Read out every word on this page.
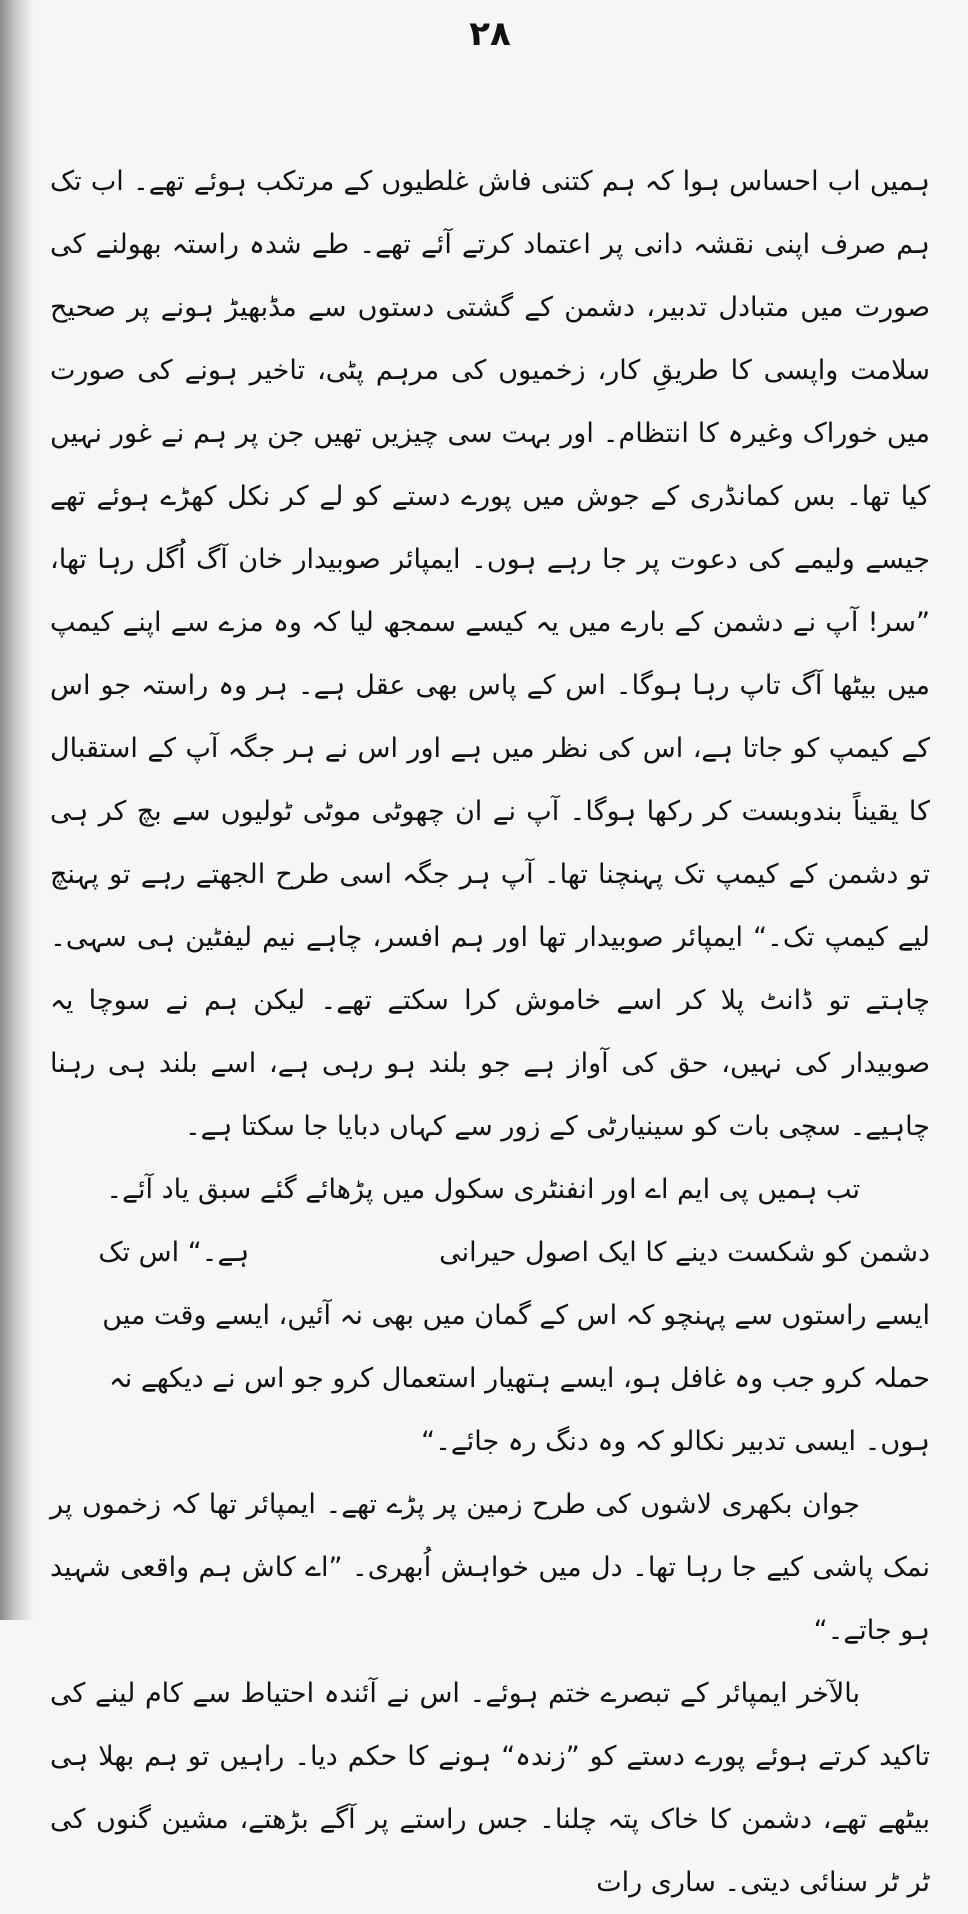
۲۸

ہمیں اب احساس ہوا کہ ہم کتنی فاش غلطیوں کے مرتکب ہوئے تھے۔ اب تک ہم صرف اپنی نقشہ دانی پر اعتماد کرتے آئے تھے۔ طے شدہ راستہ بھولنے کی صورت میں متبادل تدبیر، دشمن کے گشتی دستوں سے مڈبھیڑ ہونے پر صحیح سلامت واپسی کا طریقِ کار، زخمیوں کی مرہم پٹی، تاخیر ہونے کی صورت میں خوراک وغیرہ کا انتظام۔ اور بہت سی چیزیں تھیں جن پر ہم نے غور نہیں کیا تھا۔ بس کمانڈری کے جوش میں پورے دستے کو لے کر نکل کھڑے ہوئے تھے جیسے ولیمے کی دعوت پر جا رہے ہوں۔ ایمپائر صوبیدار خان آگ اُگل رہا تھا، ”سر! آپ نے دشمن کے بارے میں یہ کیسے سمجھ لیا کہ وہ مزے سے اپنے کیمپ میں بیٹھا آگ تاپ رہا ہوگا۔ اس کے پاس بھی عقل ہے۔ ہر وہ راستہ جو اس کے کیمپ کو جاتا ہے، اس کی نظر میں ہے اور اس نے ہر جگہ آپ کے استقبال کا یقیناً بندوبست کر رکھا ہوگا۔ آپ نے ان چھوٹی موٹی ٹولیوں سے بچ کر ہی تو دشمن کے کیمپ تک پہنچنا تھا۔ آپ ہر جگہ اسی طرح الجھتے رہے تو پہنچ لیے کیمپ تک۔“ ایمپائر صوبیدار تھا اور ہم افسر، چاہے نیم لیفٹین ہی سہی۔ چاہتے تو ڈانٹ پلا کر اسے خاموش کرا سکتے تھے۔ لیکن ہم نے سوچا یہ صوبیدار کی نہیں، حق کی آواز ہے جو بلند ہو رہی ہے، اسے بلند ہی رہنا چاہیے۔ سچی بات کو سینیارٹی کے زور سے کہاں دبایا جا سکتا ہے۔

تب ہمیں پی ایم اے اور انفنٹری سکول میں پڑھائے گئے سبق یاد آئے۔ دشمن کو شکست دینے کا ایک اصول حیرانیہے۔“ اس تک ایسے راستوں سے پہنچو کہ اس کے گمان میں بھی نہ آئیں، ایسے وقت میں حملہ کرو جب وہ غافل ہو، ایسے ہتھیار استعمال کرو جو اس نے دیکھے نہ ہوں۔ ایسی تدبیر نکالو کہ وہ دنگ رہ جائے۔“

جوان بکھری لاشوں کی طرح زمین پر پڑے تھے۔ ایمپائر تھا کہ زخموں پر نمک پاشی کیے جا رہا تھا۔ دل میں خواہش اُبھری۔ ”اے کاش ہم واقعی شہید ہو جاتے۔“

بالآخر ایمپائر کے تبصرے ختم ہوئے۔ اس نے آئندہ احتیاط سے کام لینے کی تاکید کرتے ہوئے پورے دستے کو ”زندہ“ ہونے کا حکم دیا۔ راہیں تو ہم بھلا ہی بیٹھے تھے، دشمن کا خاک پتہ چلنا۔ جس راستے پر آگے بڑھتے، مشین گنوں کی ٹر ٹر سنائی دیتی۔ ساری رات
